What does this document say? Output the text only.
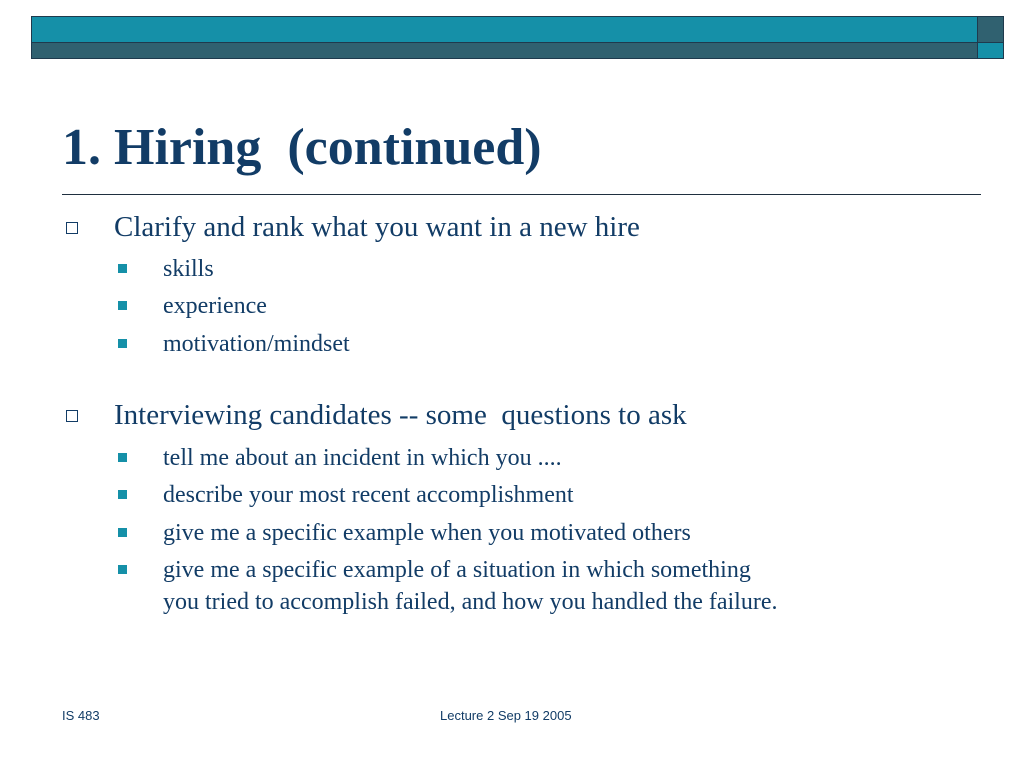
1. Hiring  (continued)
Clarify and rank what you want in a new hire
skills
experience
motivation/mindset
Interviewing candidates -- some  questions to ask
tell me about an incident in which you ....
describe your most recent accomplishment
give me a specific example when you motivated others
give me a specific example of a situation in which something
you tried to accomplish failed, and how you handled the failure.
IS 483	Lecture 2 Sep 19 2005
